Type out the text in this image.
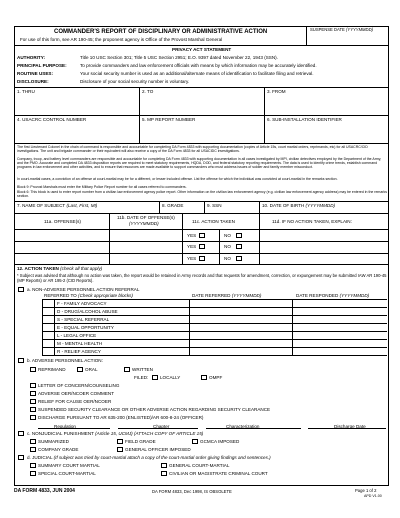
COMMANDER'S REPORT OF DISCIPLINARY OR ADMINISTRATIVE ACTION
For use of this form, see AR 190-45; the proponent agency is Office of the Provost Marshal General
SUSPENSE DATE (YYYYMMDD)
PRIVACY ACT STATEMENT
AUTHORITY:	Title 10 USC Section 301; Title 5 USC Section 2951; E.O. 9397 dated November 22, 1943 (SSN).
PRINCIPAL PURPOSE:	To provide commanders and law enforcement officials with means by which information may be accurately identified.
ROUTINE USES:	Your social security number is used as an additional/alternate means of identification to facilitate filing and retrieval.
DISCLOSURE:	Disclosure of your social security number is voluntary.
1. THRU	2. TO	3. FROM
4. USACRC CONTROL NUMBER	5. MP REPORT NUMBER	6. SUB-INSTALLATION IDENTIFIER
The first Lieutenant Colonel in the chain of command is responsible and accountable for completing DA Form 4833 with supporting documentation (copies of Article 15s, court martial orders, reprimands, etc) for all USACRC/CID investigations. The unit and brigade commander or their equivalent will also receive a copy of the DA Form 4833 for all USACIDC investigations.
Company, troop, and battery level commanders are responsible and accountable for completing DA Form 4833 with supporting documentation in all cases investigated by MPI, civilian detectives employed by the Department of the Army, and the PMO. Accurate and completed DA 4833 disposition reports are required to meet statutory requirements, HQDA, DOD, and federal statutory reporting requirements. The data is used to identify crime trends, establish command programs in law enforcement and other activities, and to ensure that resources are made available to support commanders who must address issues of soldier and family member misconduct.
In court-martial cases, a conviction of an offense at court-martial may be for a different, or lesser included offense. List the offense for which the individual was convicted at court-martial in the remarks section.
Block 9: Provost Marshals must enter the Military Police Report number for all cases referred to commanders.
Block 6: This block is used to enter report number from a civilian law enforcement agency police report. Other information on the civilian law enforcement agency (e.g. civilian law enforcement agency address) may be entered in the remarks section.
7. NAME OF SUBJECT (Last, First, MI)	8. GRADE	9. SSN	10. DATE OF BIRTH (YYYYMMDD)
11a. OFFENSE(s)
11b. DATE OF OFFENSE(s)
(YYYYMMDD)	11c. ACTION TAKEN	11d. IF NO ACTION TAKEN, EXPLAIN:
YES	NO
YES	NO
YES	NO
12. ACTION TAKEN (check all that apply)
* Subject was advised that although no action was taken, the report would be retained in Army records and that requests for amendment, correction, or expungement may be submitted IAW AR 190-45 (MP Reports) or AR 195-2 (CID Reports).
a. NON-ADVERSE PERSONNEL ACTION REFERRAL
REFERRED TO (Check appropriate blocks)	DATE REFERRED (YYYYMMDD)	DATE RESPONDED (YYYYMMDD)
F - FAMILY ADVOCACY
D - DRUG/ALCOHOL ABUSE
S - SPECIAL REFERRAL
E - EQUAL OPPORTUNITY
L - LEGAL OFFICE
M - MENTAL HEALTH
R - RELIEF AGENCY
b. ADVERSE PERSONNEL ACTION:
REPRIMAND	ORAL	WRITTEN
FILED:	LOCALLY	OMPF
LETTER OF CONCERN/COUNSELING
ADVERSE OER/NCOER COMMENT
RELIEF FOR CAUSE OER/NCOER
SUSPENDED SECURITY CLEARANCE OR OTHER ADVERSE ACTION REGARDING SECURITY CLEARANCE
DISCHARGE PURSUANT TO AR 635-200 (ENLISTED)/AR 600-8-24 (OFFICER)
Regulation	Chapter	Characterization	Discharge Date
c. NONJUDICIAL PUNISHMENT (Article 15, UCMJ) (ATTACH COPY OF ARTICLE 15)
SUMMARIZED	FIELD GRADE	GCMCA IMPOSED
COMPANY GRADE	GENERAL OFFICER IMPOSED
d. JUDICIAL (If subject was tried by court-martial attach a copy of the court-martial order giving findings and sentences.)
SUMMARY COURT MARTIAL	GENERAL COURT-MARTIAL
SPECIAL COURT-MARTIAL	CIVILIAN OR MAGISTRATE CRIMINAL COURT
DA FORM 4833, JUN 2004	DA FORM 4833, Dec 1998, IS OBSOLETE	Page 1 of 2
APD V1.00
